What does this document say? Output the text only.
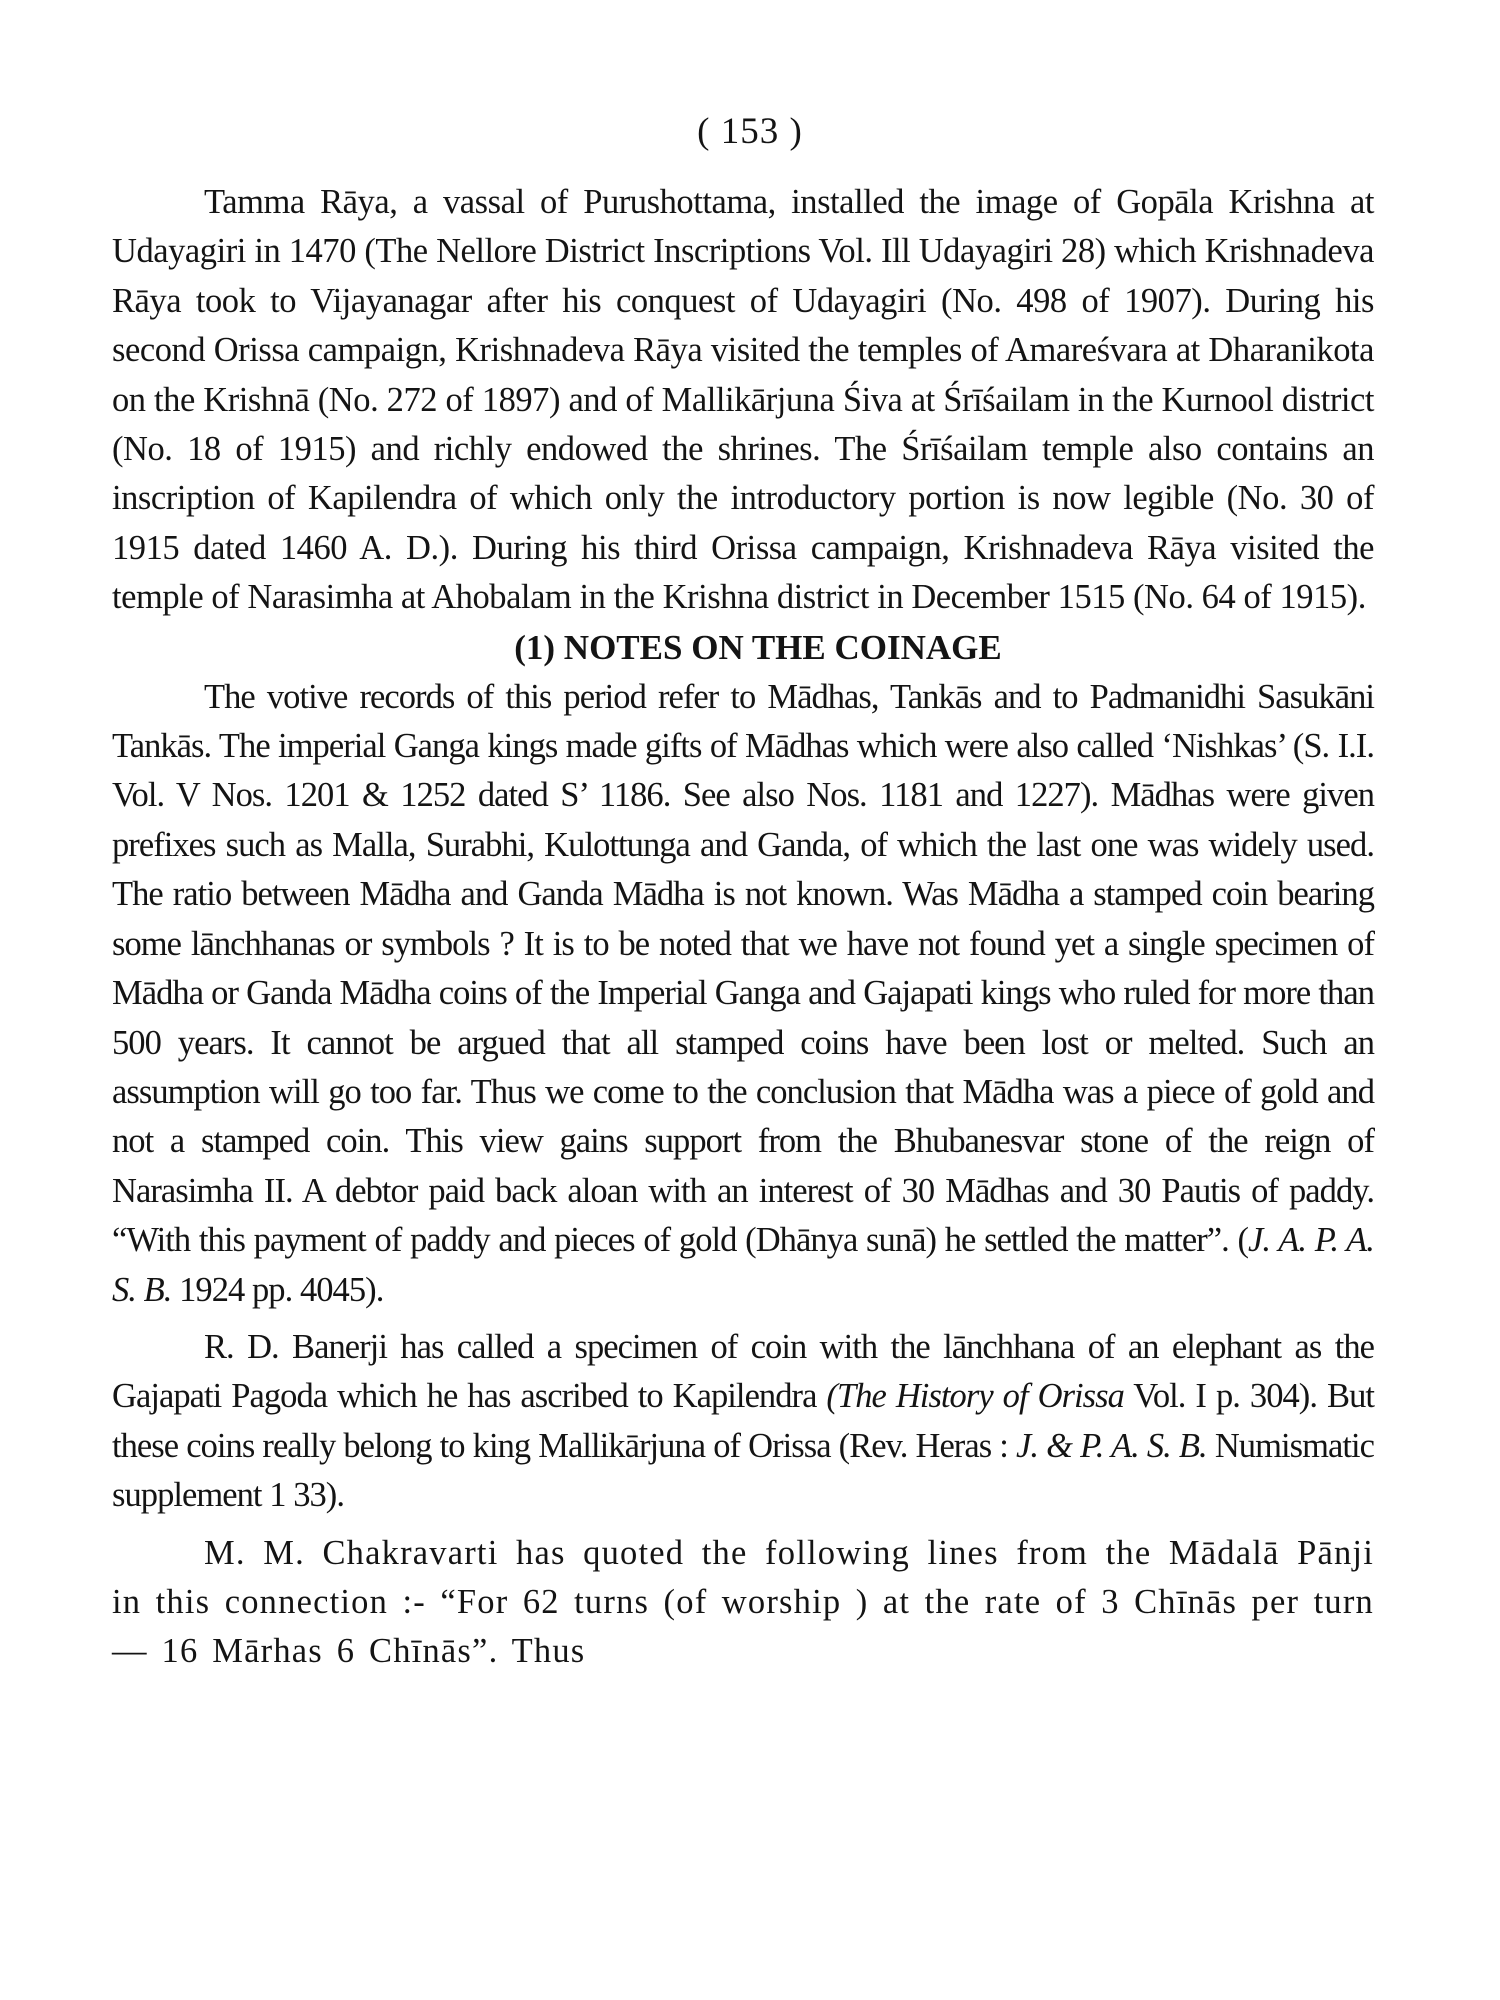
( 153 )

Tamma Rāya, a vassal of Purushottama, installed the image of Gopāla Krishna at Udayagiri in 1470 (The Nellore District Inscriptions Vol. Ill Udayagiri 28) which Krishnadeva Rāya took to Vijayanagar after his conquest of Udayagiri (No. 498 of 1907). During his second Orissa campaign, Krishnadeva Rāya visited the temples of Amareśvara at Dharanikota on the Krishnā (No. 272 of 1897) and of Mallikārjuna Śiva at Śrīśailam in the Kurnool district (No. 18 of 1915) and richly endowed the shrines. The Śrīśailam temple also contains an inscription of Kapilendra of which only the introductory portion is now legible (No. 30 of 1915 dated 1460 A. D.). During his third Orissa campaign, Krishnadeva Rāya visited the temple of Narasimha at Ahobalam in the Krishna district in December 1515 (No. 64 of 1915).

(1) NOTES ON THE COINAGE

The votive records of this period refer to Mādhas, Tankās and to Padmanidhi Sasukāni Tankās. The imperial Ganga kings made gifts of Mādhas which were also called ‘Nishkas’ (S. I.I. Vol. V Nos. 1201 & 1252 dated S’ 1186. See also Nos. 1181 and 1227). Mādhas were given prefixes such as Malla, Surabhi, Kulottunga and Ganda, of which the last one was widely used. The ratio between Mādha and Ganda Mādha is not known. Was Mādha a stamped coin bearing some lānchhanas or symbols ? It is to be noted that we have not found yet a single specimen of Mādha or Ganda Mādha coins of the Imperial Ganga and Gajapati kings who ruled for more than 500 years. It cannot be argued that all stamped coins have been lost or melted. Such an assumption will go too far. Thus we come to the conclusion that Mādha was a piece of gold and not a stamped coin. This view gains support from the Bhubanesvar stone of the reign of Narasimha II. A debtor paid back aloan with an interest of 30 Mādhas and 30 Pautis of paddy. “With this payment of paddy and pieces of gold (Dhānya sunā) he settled the matter”. (J. A. P. A. S. B. 1924 pp. 4045).

R. D. Banerji has called a specimen of coin with the lānchhana of an elephant as the Gajapati Pagoda which he has ascribed to Kapilendra (The History of Orissa Vol. I p. 304). But these coins really belong to king Mallikārjuna of Orissa (Rev. Heras : J. & P. A. S. B. Numismatic supplement 1 33).

M. M. Chakravarti has quoted the following lines from the Mādalā Pānji in this connection :- “For 62 turns (of worship ) at the rate of 3 Chīnās per turn— 16 Mārhas 6 Chīnās”. Thus
